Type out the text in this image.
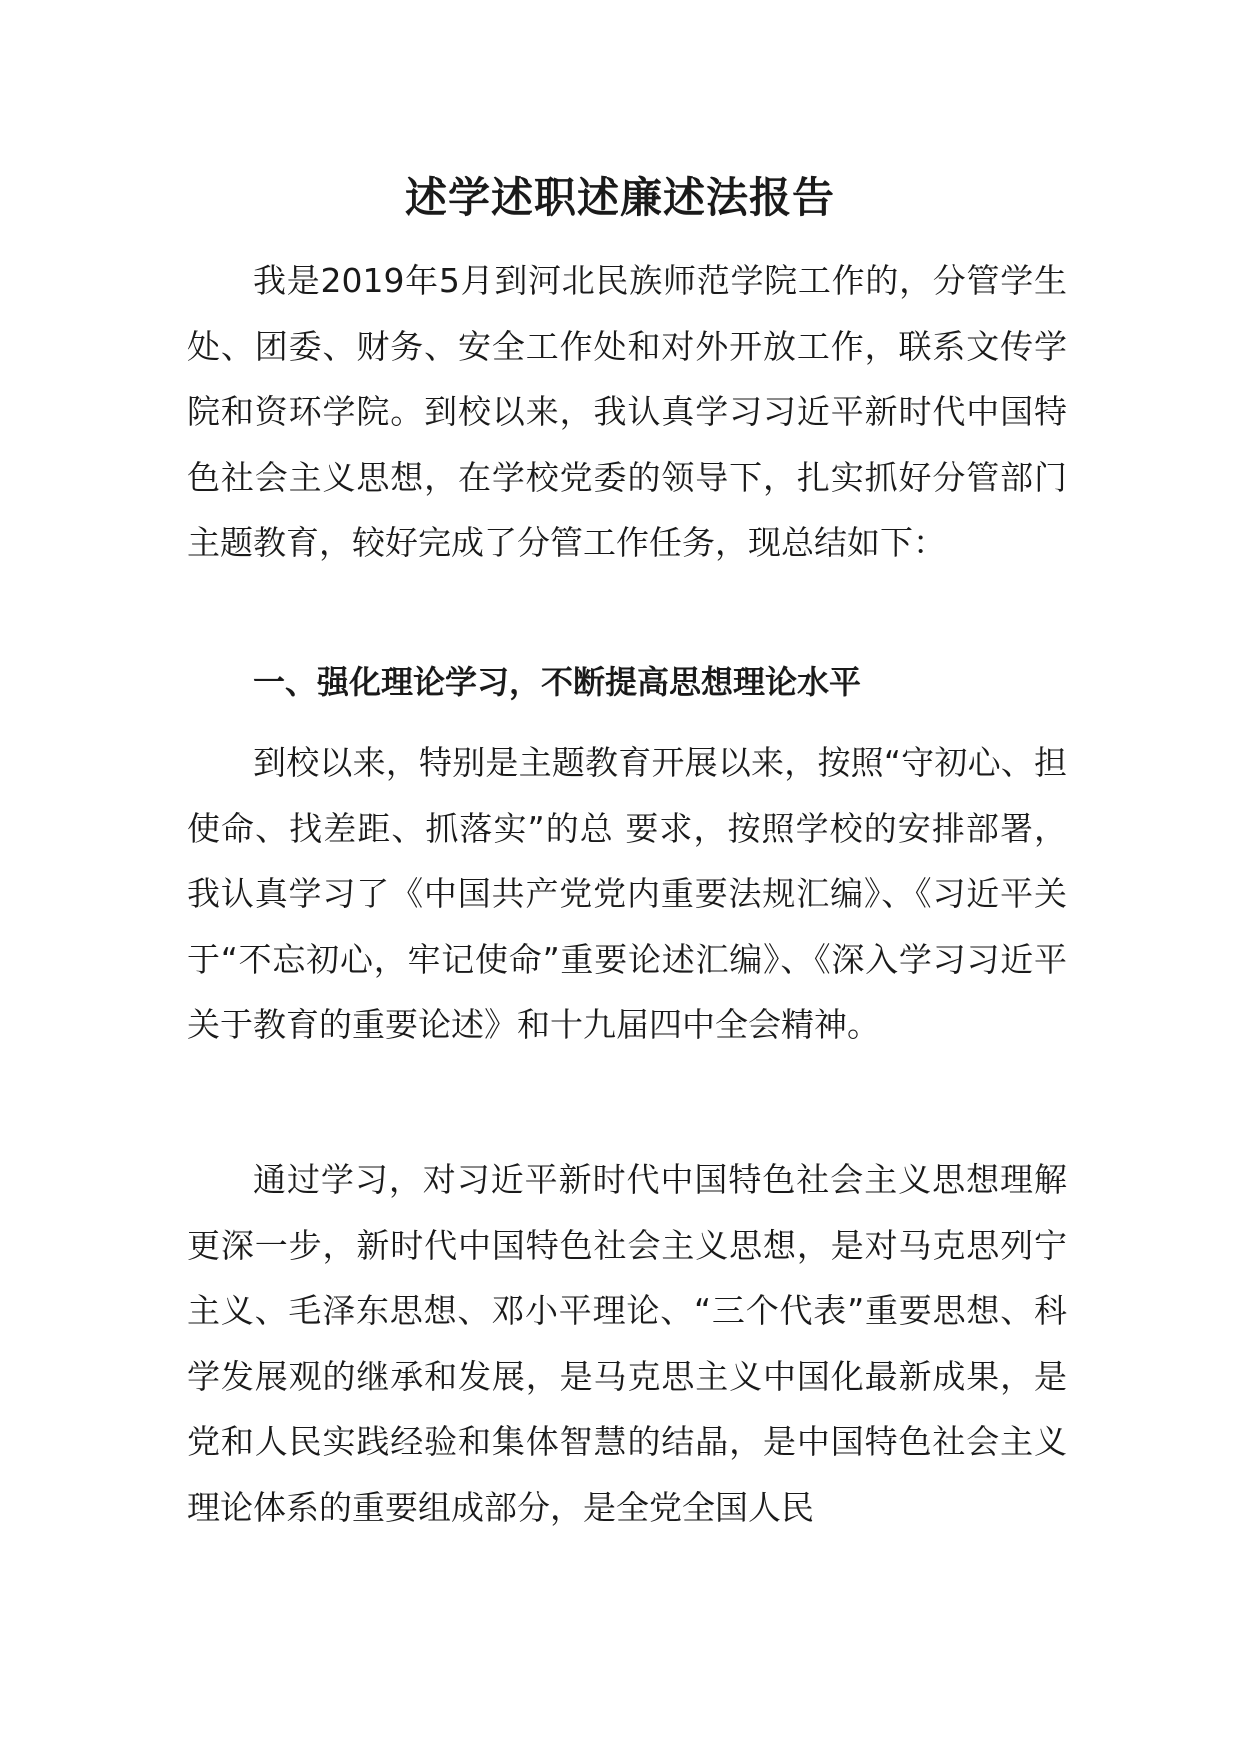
述学述职述廉述法报告

我是2019年5月到河北民族师范学院工作的，分管学生处、团委、财务、安全工作处和对外开放工作，联系文传学院和资环学院。到校以来，我认真学习习近平新时代中国特色社会主义思想，在学校党委的领导下，扎实抓好分管部门主题教育，较好完成了分管工作任务，现总结如下：

一、强化理论学习，不断提高思想理论水平

到校以来，特别是主题教育开展以来，按照“守初心、担使命、找差距、抓落实”的总 要求，按照学校的安排部署，我认真学习了《中国共产党党内重要法规汇编》、《习近平关于“不忘初心，牢记使命”重要论述汇编》、《深入学习习近平关于教育的重要论述》和十九届四中全会精神。

通过学习，对习近平新时代中国特色社会主义思想理解更深一步，新时代中国特色社会主义思想，是对马克思列宁主义、毛泽东思想、邓小平理论、“三个代表”重要思想、科学发展观的继承和发展，是马克思主义中国化最新成果，是党和人民实践经验和集体智慧的结晶，是中国特色社会主义理论体系的重要组成部分，是全党全国人民
